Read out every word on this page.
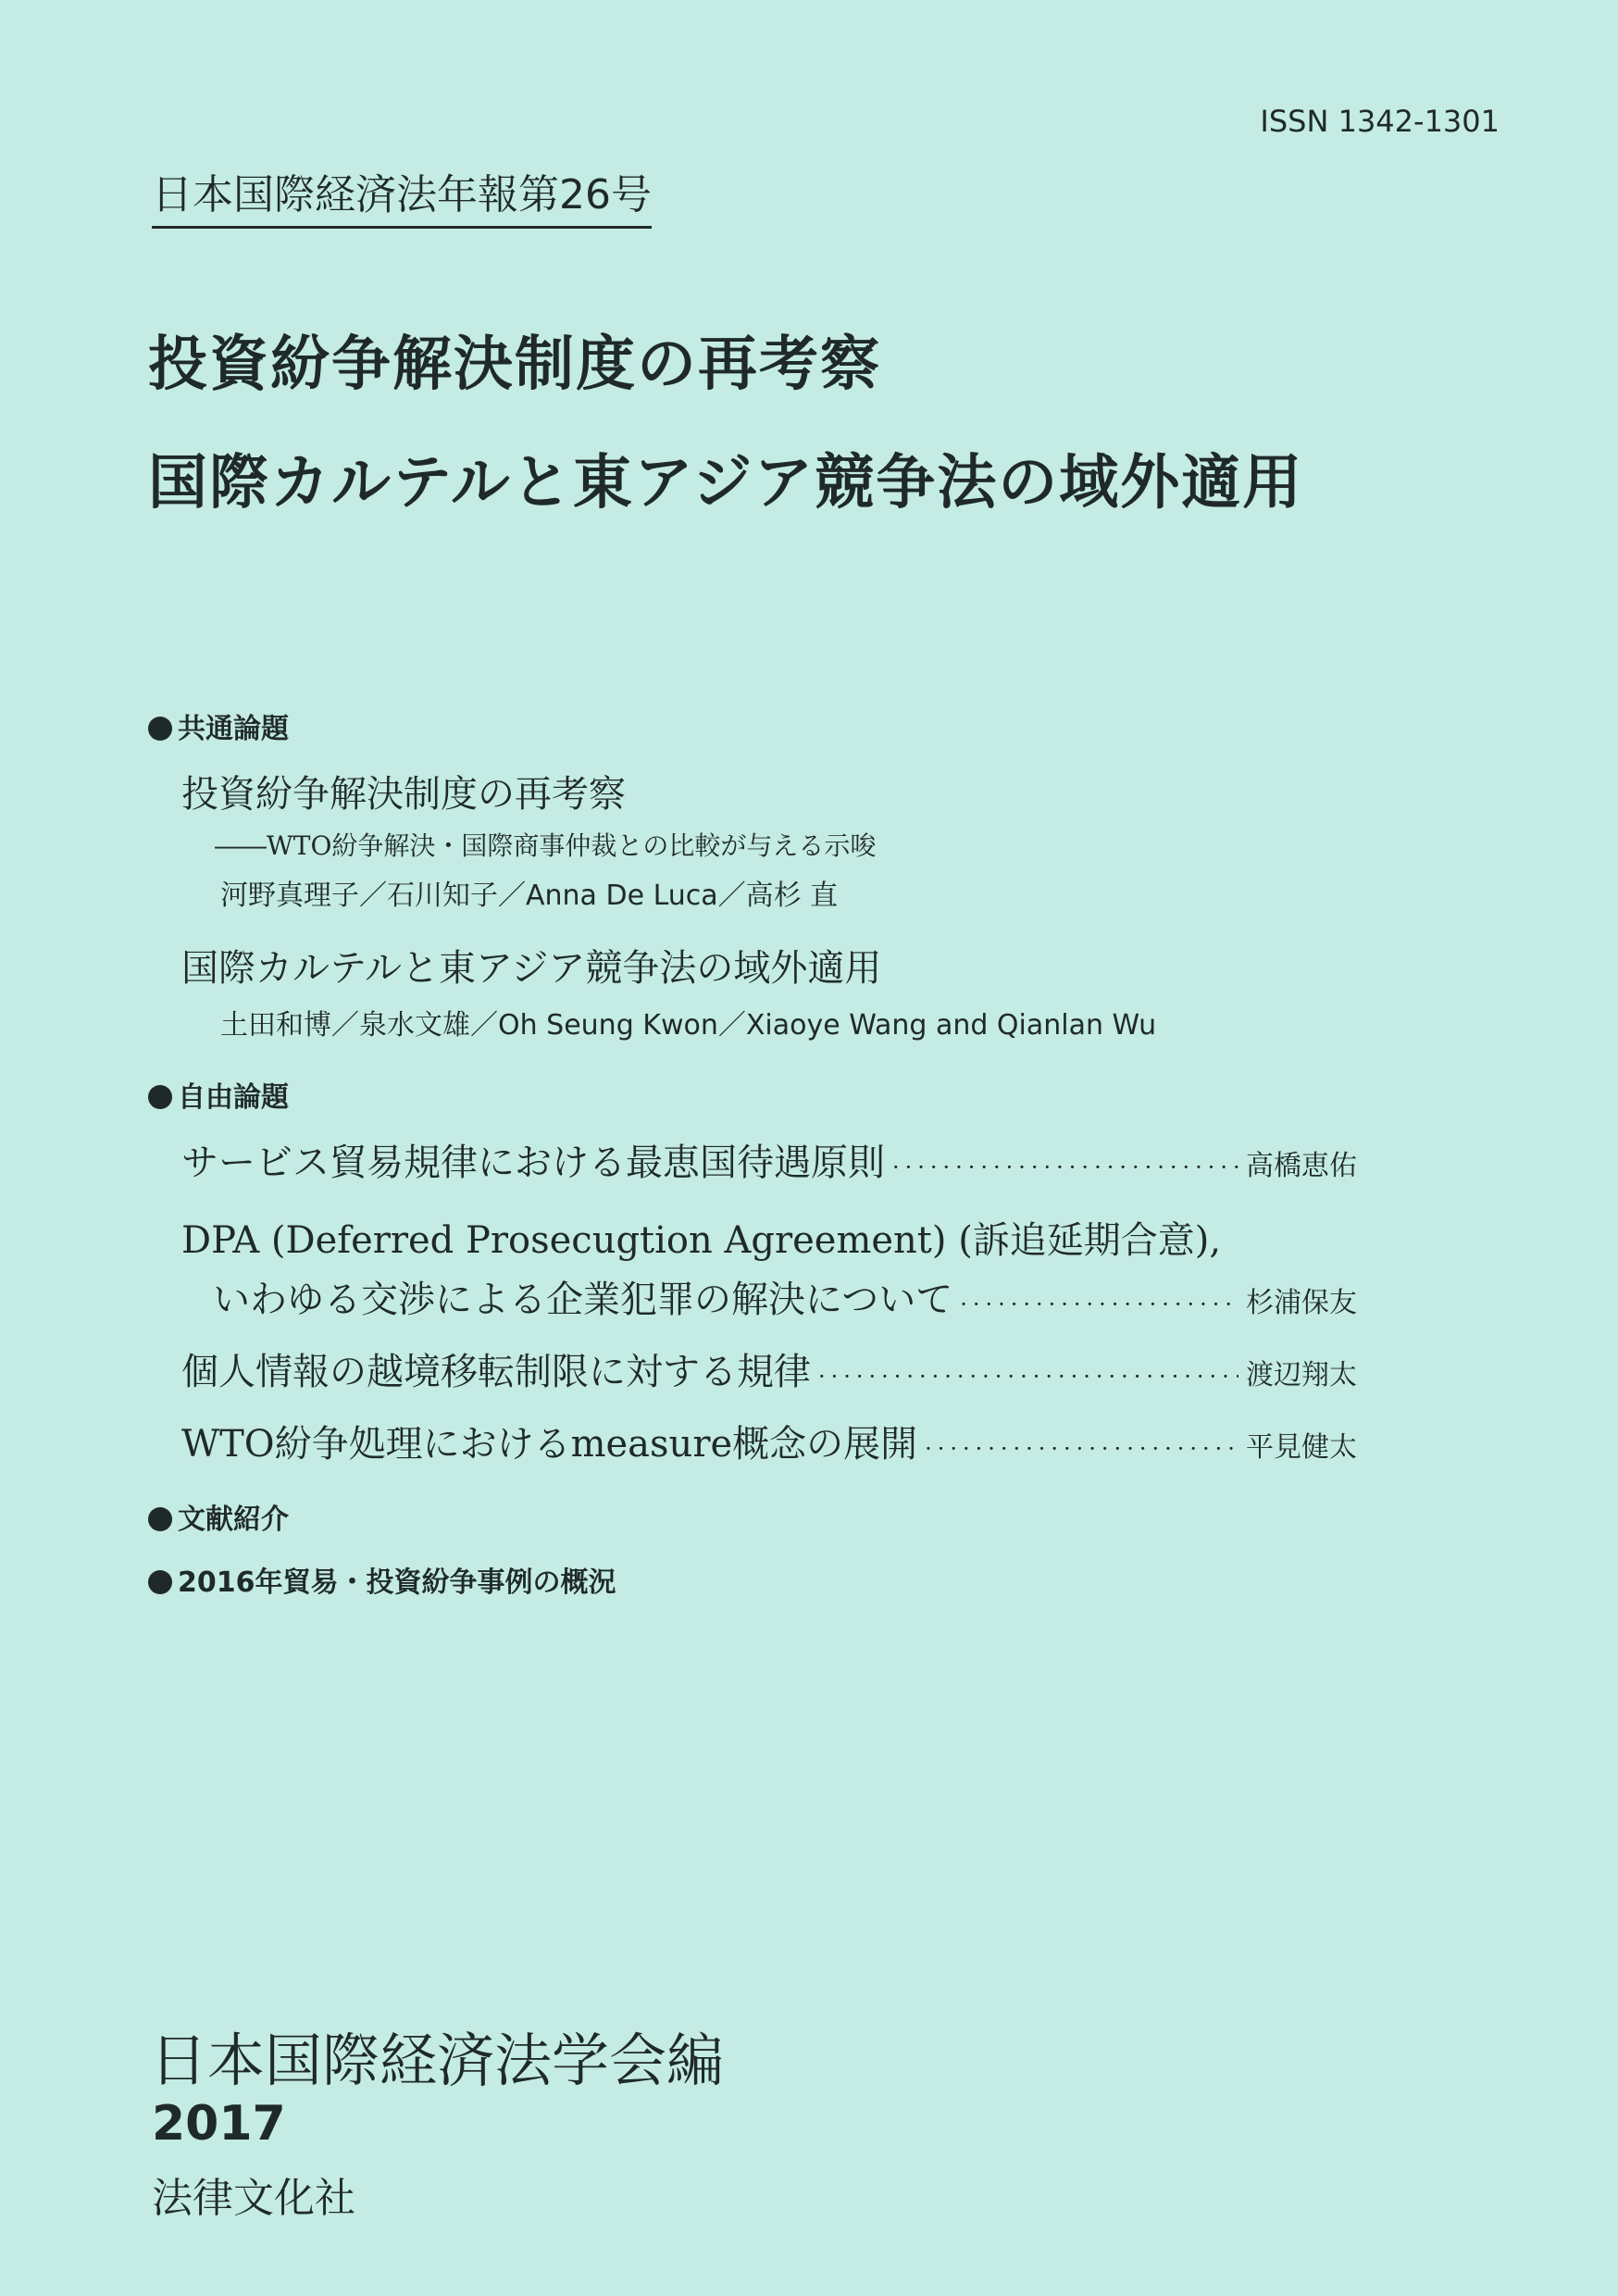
ISSN 1342-1301
日本国際経済法年報第26号
投資紛争解決制度の再考察
国際カルテルと東アジア競争法の域外適用
共通論題
投資紛争解決制度の再考察
――WTO紛争解決・国際商事仲裁との比較が与える示唆
河野真理子／石川知子／Anna De Luca／高杉 直
国際カルテルと東アジア競争法の域外適用
土田和博／泉水文雄／Oh Seung Kwon／Xiaoye Wang and Qianlan Wu
自由論題
サービス貿易規律における最恵国待遇原則 ·····	高橋恵佑
DPA (Deferred Prosecugtion Agreement) (訴追延期合意),
いわゆる交渉による企業犯罪の解決について ·····	杉浦保友
個人情報の越境移転制限に対する規律 ·····	渡辺翔太
WTO紛争処理におけるmeasure概念の展開 ·····	平見健太
文献紹介
2016年貿易・投資紛争事例の概況
日本国際経済法学会編
2017
法律文化社
